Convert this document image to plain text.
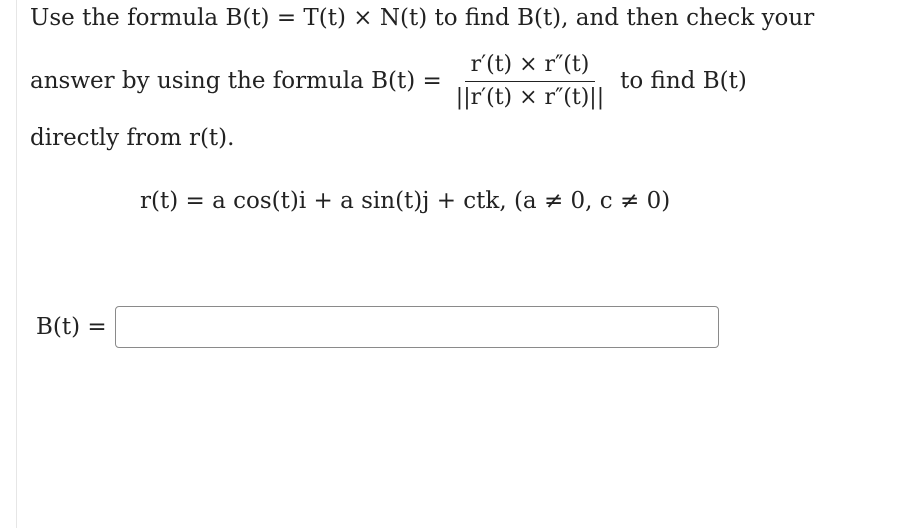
Use the formula B(t) = T(t) × N(t) to find B(t), and then check your
answer by using the formula $B(t) = \frac{r'(t) \times r''(t)}{||r'(t) \times r''(t)||}$ to find B(t)
directly from r(t).
r(t) = a cos(t)i + a sin(t)j + ctk, (a ≠ 0, c ≠ 0)
B(t) =
